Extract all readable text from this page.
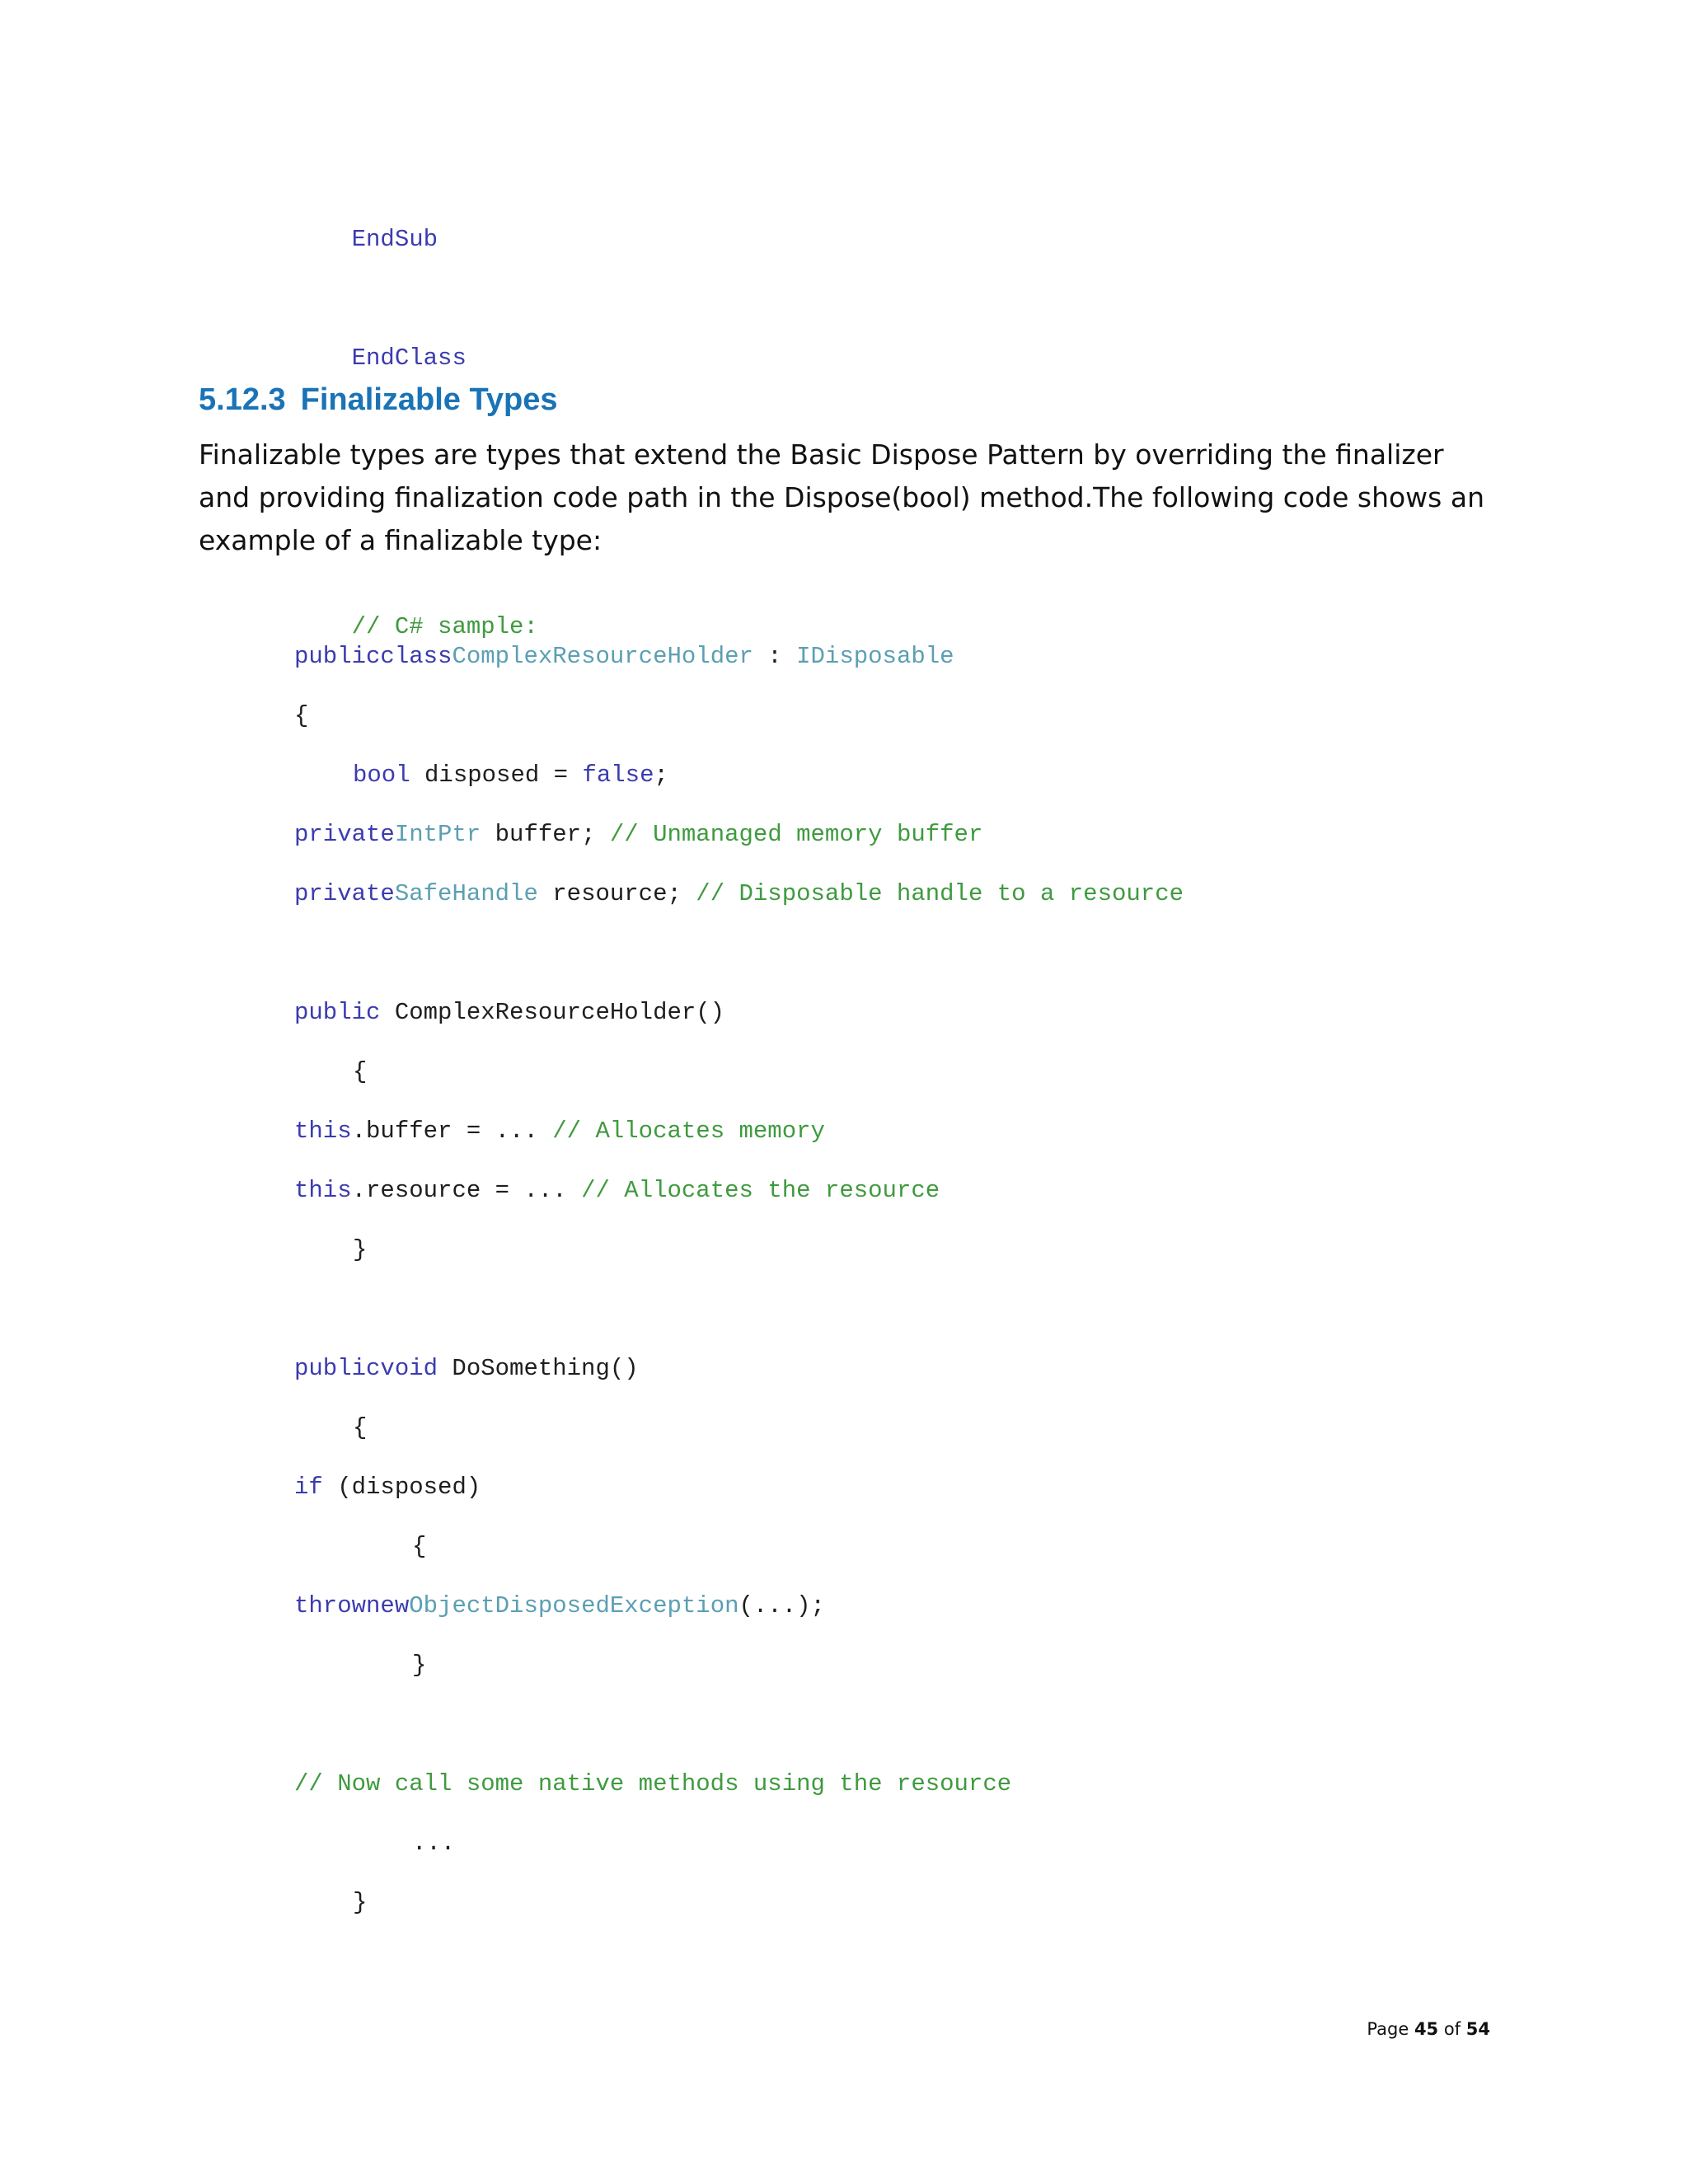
EndSub

EndClass

5.12.3 Finalizable Types
Finalizable types are types that extend the Basic Dispose Pattern by overriding the finalizer and providing finalization code path in the Dispose(bool) method.The following code shows an example of a finalizable type:

// C# sample:

publicclassComplexResourceHolder : IDisposable
{
bool disposed = false;
privateIntPtr buffer; // Unmanaged memory buffer
privateSafeHandle resource; // Disposable handle to a resource
public ComplexResourceHolder()
{
this.buffer = ... // Allocates memory
this.resource = ... // Allocates the resource
}
publicvoid DoSomething()
{
if (disposed)
{
thrownewObjectDisposedException(...);
}
// Now call some native methods using the resource
...
}
Page 45 of 54
